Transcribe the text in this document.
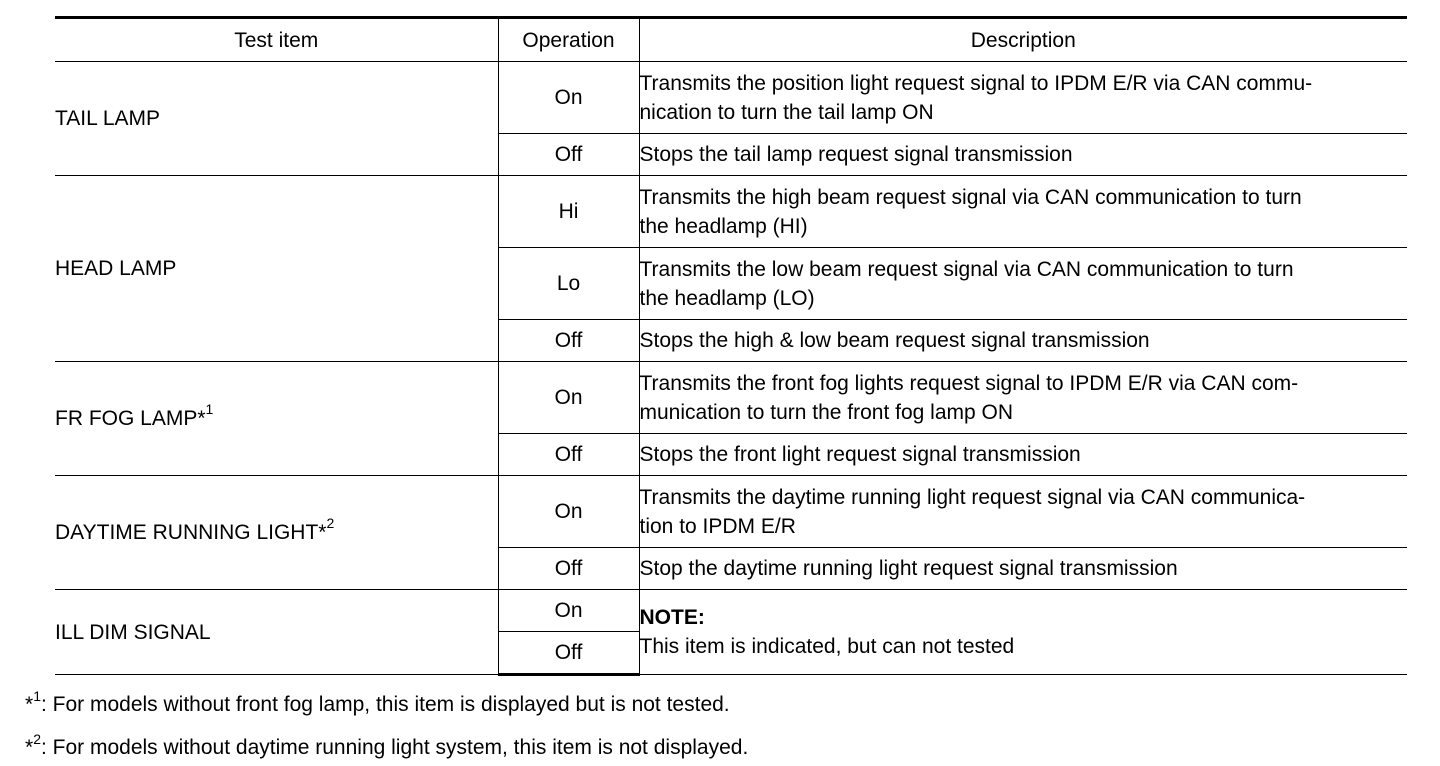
Test item	Operation	Description
TAIL LAMP	On	Transmits the position light request signal to IPDM E/R via CAN commu-
nication to turn the tail lamp ON
	Off	Stops the tail lamp request signal transmission
HEAD LAMP	Hi	Transmits the high beam request signal via CAN communication to turn
the headlamp (HI)
	Lo	Transmits the low beam request signal via CAN communication to turn
the headlamp (LO)
	Off	Stops the high & low beam request signal transmission
FR FOG LAMP*$^1$	On	Transmits the front fog lights request signal to IPDM E/R via CAN com-
munication to turn the front fog lamp ON
	Off	Stops the front light request signal transmission
DAYTIME RUNNING LIGHT*$^2$	On	Transmits the daytime running light request signal via CAN communica-
tion to IPDM E/R
	Off	Stop the daytime running light request signal transmission
ILL DIM SIGNAL	On	NOTE:
This item is indicated, but can not tested
	Off	
*$^1$: For models without front fog lamp, this item is displayed but is not tested.
*$^2$: For models without daytime running light system, this item is not displayed.
